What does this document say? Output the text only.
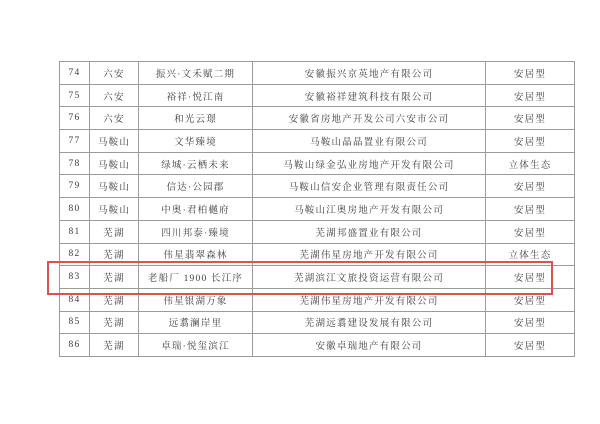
74	六安	振兴·文禾赋二期	安徽振兴京英地产有限公司	安居型
75	六安	裕祥·悦江南	安徽裕祥建筑科技有限公司	安居型
76	六安	和光云璟	安徽省房地产开发公司六安市公司	安居型
77	马鞍山	文华臻境	马鞍山晶晶置业有限公司	安居型
78	马鞍山	绿城·云栖未来	马鞍山绿金弘业房地产开发有限公司	立体生态
79	马鞍山	信达·公园郡	马鞍山信安企业管理有限责任公司	安居型
80	马鞍山	中奥·君柏樾府	马鞍山江奥房地产开发有限公司	安居型
81	芜湖	四川邦泰·臻境	芜湖邦盛置业有限公司	安居型
82	芜湖	伟星翡翠森林	芜湖伟星房地产开发有限公司	立体生态
83	芜湖	老船厂 1900 长江序	芜湖滨江文旅投资运营有限公司	安居型
84	芜湖	伟星银湖万象	芜湖伟星房地产开发有限公司	安居型
85	芜湖	远翥澜岸里	芜湖远翥建设发展有限公司	安居型
86	芜湖	卓瑞·悦玺滨江	安徽卓瑞地产有限公司	安居型
